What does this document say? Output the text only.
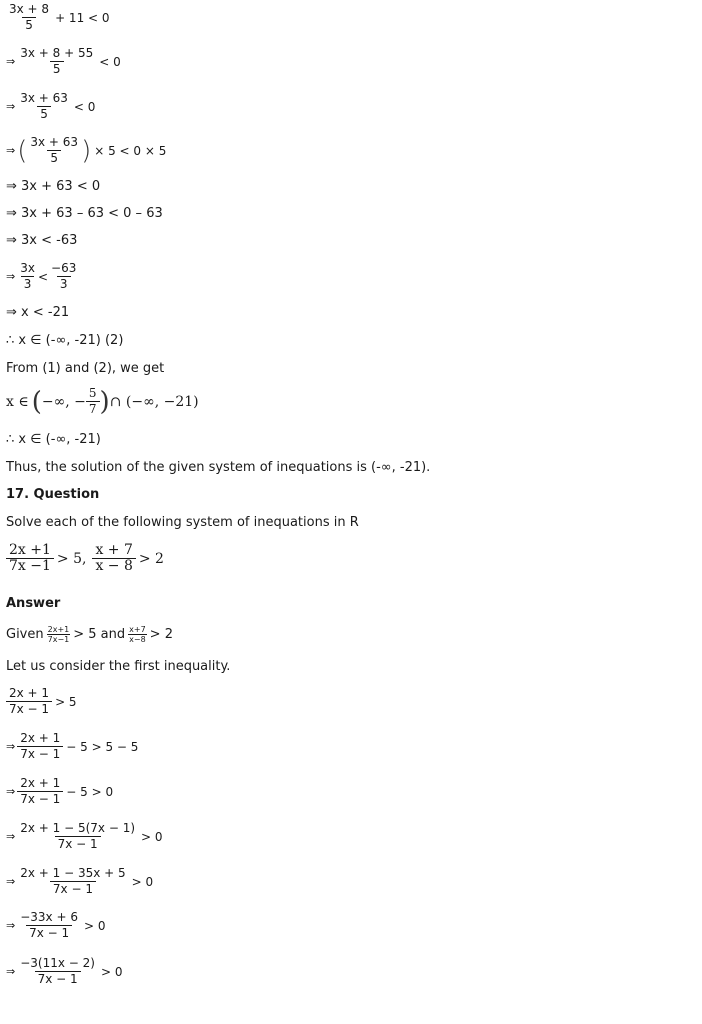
$\frac{3x + 8}{5} + 11 < 0$
⇒ $\frac{3x + 8 + 55}{5} < 0$
⇒ $\frac{3x + 63}{5} < 0$
⇒ ( $\frac{3x + 63}{5}$ ) × 5 < 0 × 5
⇒ 3x + 63 < 0
⇒ 3x + 63 – 63 < 0 – 63
⇒ 3x < -63
⇒ $\frac{3x}{3} < \frac{-63}{3}$
⇒ x < -21
∴ x ∈ (-∞, -21) (2)
From (1) and (2), we get
x ∈ ( −∞, − $\frac{5}{7}$ ) ∩ (−∞, −21)
∴ x ∈ (-∞, -21)
Thus, the solution of the given system of inequations is (-∞, -21).
17. Question
Solve each of the following system of inequations in R
$\frac{2x +1}{7x -1} > 5$, $\frac{x + 7}{x - 8} > 2$
Answer
Given $\frac{2x+1}{7x-1} > 5$ and $\frac{x+7}{x-8} > 2$
Let us consider the first inequality.
$\frac{2x + 1}{7x - 1} > 5$
⇒ $\frac{2x + 1}{7x - 1} - 5 > 5 - 5$
⇒ $\frac{2x + 1}{7x - 1} - 5 > 0$
⇒ $\frac{2x + 1 - 5(7x - 1)}{7x - 1} > 0$
⇒ $\frac{2x + 1 - 35x + 5}{7x - 1} > 0$
⇒ $\frac{-33x + 6}{7x - 1} > 0$
⇒ $\frac{-3(11x - 2)}{7x - 1} > 0$
